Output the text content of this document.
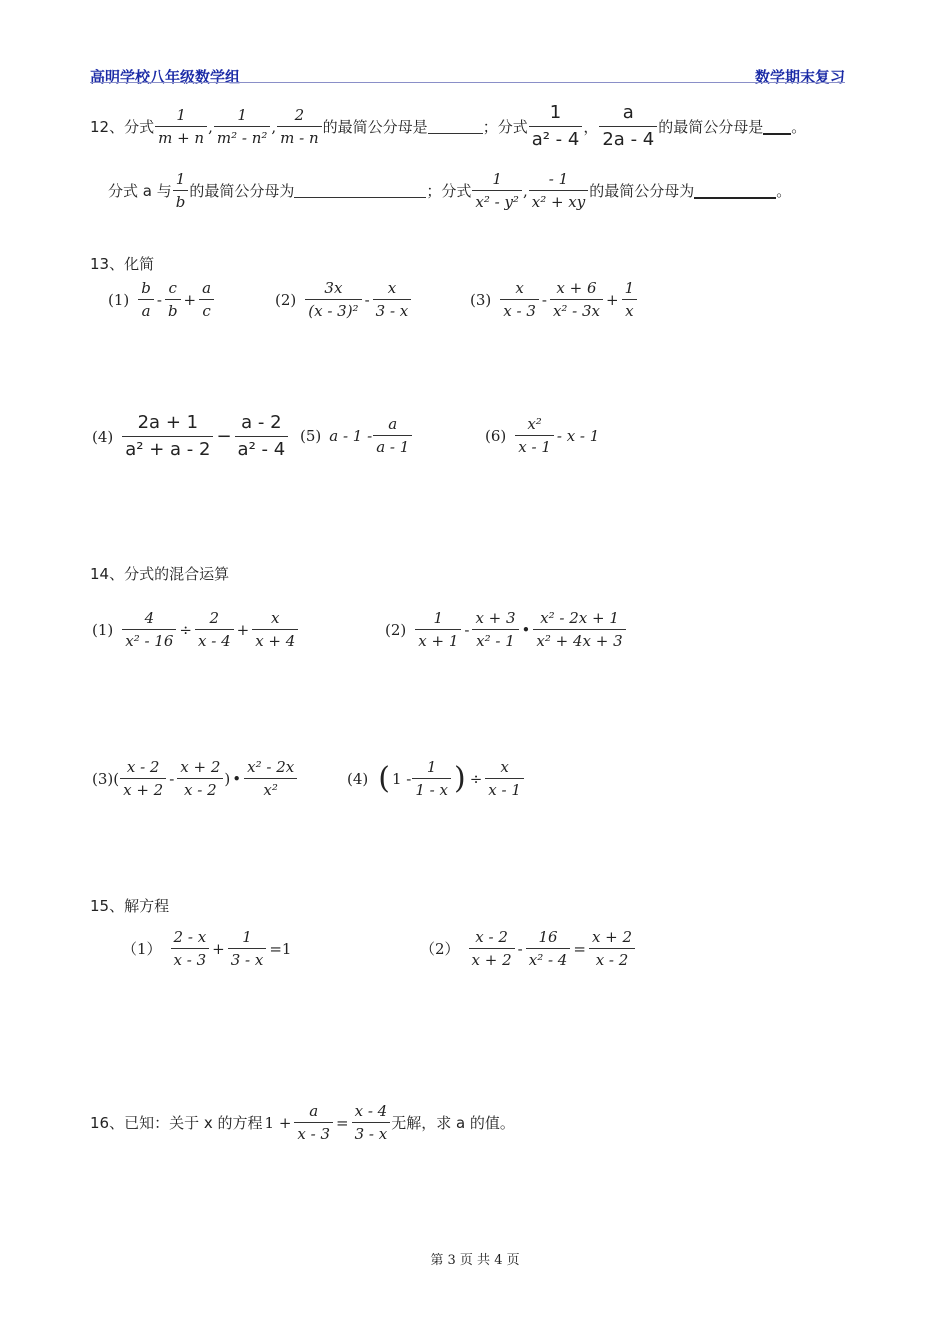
高明学校八年级数学组	数学期末复习
12、分式 $\frac{1}{m + n}$ , $\frac{1}{\text{m² - n²}}$ , $\frac{2}{m - n}$ 的最简公分母是	；分式 $\frac{1}{\text{a² - 4}}$ ， $\frac{a}{2a - 4}$ 的最简公分母是 。
分式 a 与 $\frac{1}{b}$ 的最简公分母为	；分式 $\frac{1}{\text{x² - y²}}$ , $\frac{- 1}{\text{x² + xy}}$ 的最简公分母为	。
13、化简
$(1) \frac{b}{a} - \frac{c}{b} + \frac{a}{c}$	$(2) \frac{3x}{\text{(x - 3)²}} - \frac{x}{3 - x}$	$(3) \frac{x}{x - 3} - \frac{x + 6}{\text{x² - 3x}} + \frac{1}{x}$
$(4) \frac{2a + 1}{\text{a² + a - 2}} - \frac{a - 2}{\text{a² - 4}} (5)$ a - $1 - \frac{a}{a - 1}$	$(6) \frac{\text{x²}}{x - 1}$ - x - 1
14、分式的混合运算
$(1) \frac{4}{\text{x² - 16}} \div \frac{2}{x - 4} + \frac{x}{x + 4}$	$(2) \frac{1}{x + 1} - \frac{x + 3}{\text{x² - 1}}$ • $\frac{\text{x² - 2x + 1}}{\text{x² + 4x + 3}}$
(3) ( $\frac{x - 2}{x + 2} - \frac{x + 2}{x - 2}$ ) • $\frac{\text{x² - 2x}}{\text{x²}}$	(4) ( $1 - \frac{1}{1 - x}$ ) ÷ $\frac{x}{x - 1}$
15、解方程
$(1) \frac{2 - x}{x - 3} + \frac{1}{3 - x} =1$	$(2) \frac{x - 2}{x + 2} - \frac{16}{\text{x² - 4}} = \frac{x + 2}{x - 2}$
16、已知：关于 x 的方程 $1 + \frac{a}{x - 3} = \frac{x - 4}{3 - x}$ 无解，求 a 的值。
第 3 页 共 4 页
